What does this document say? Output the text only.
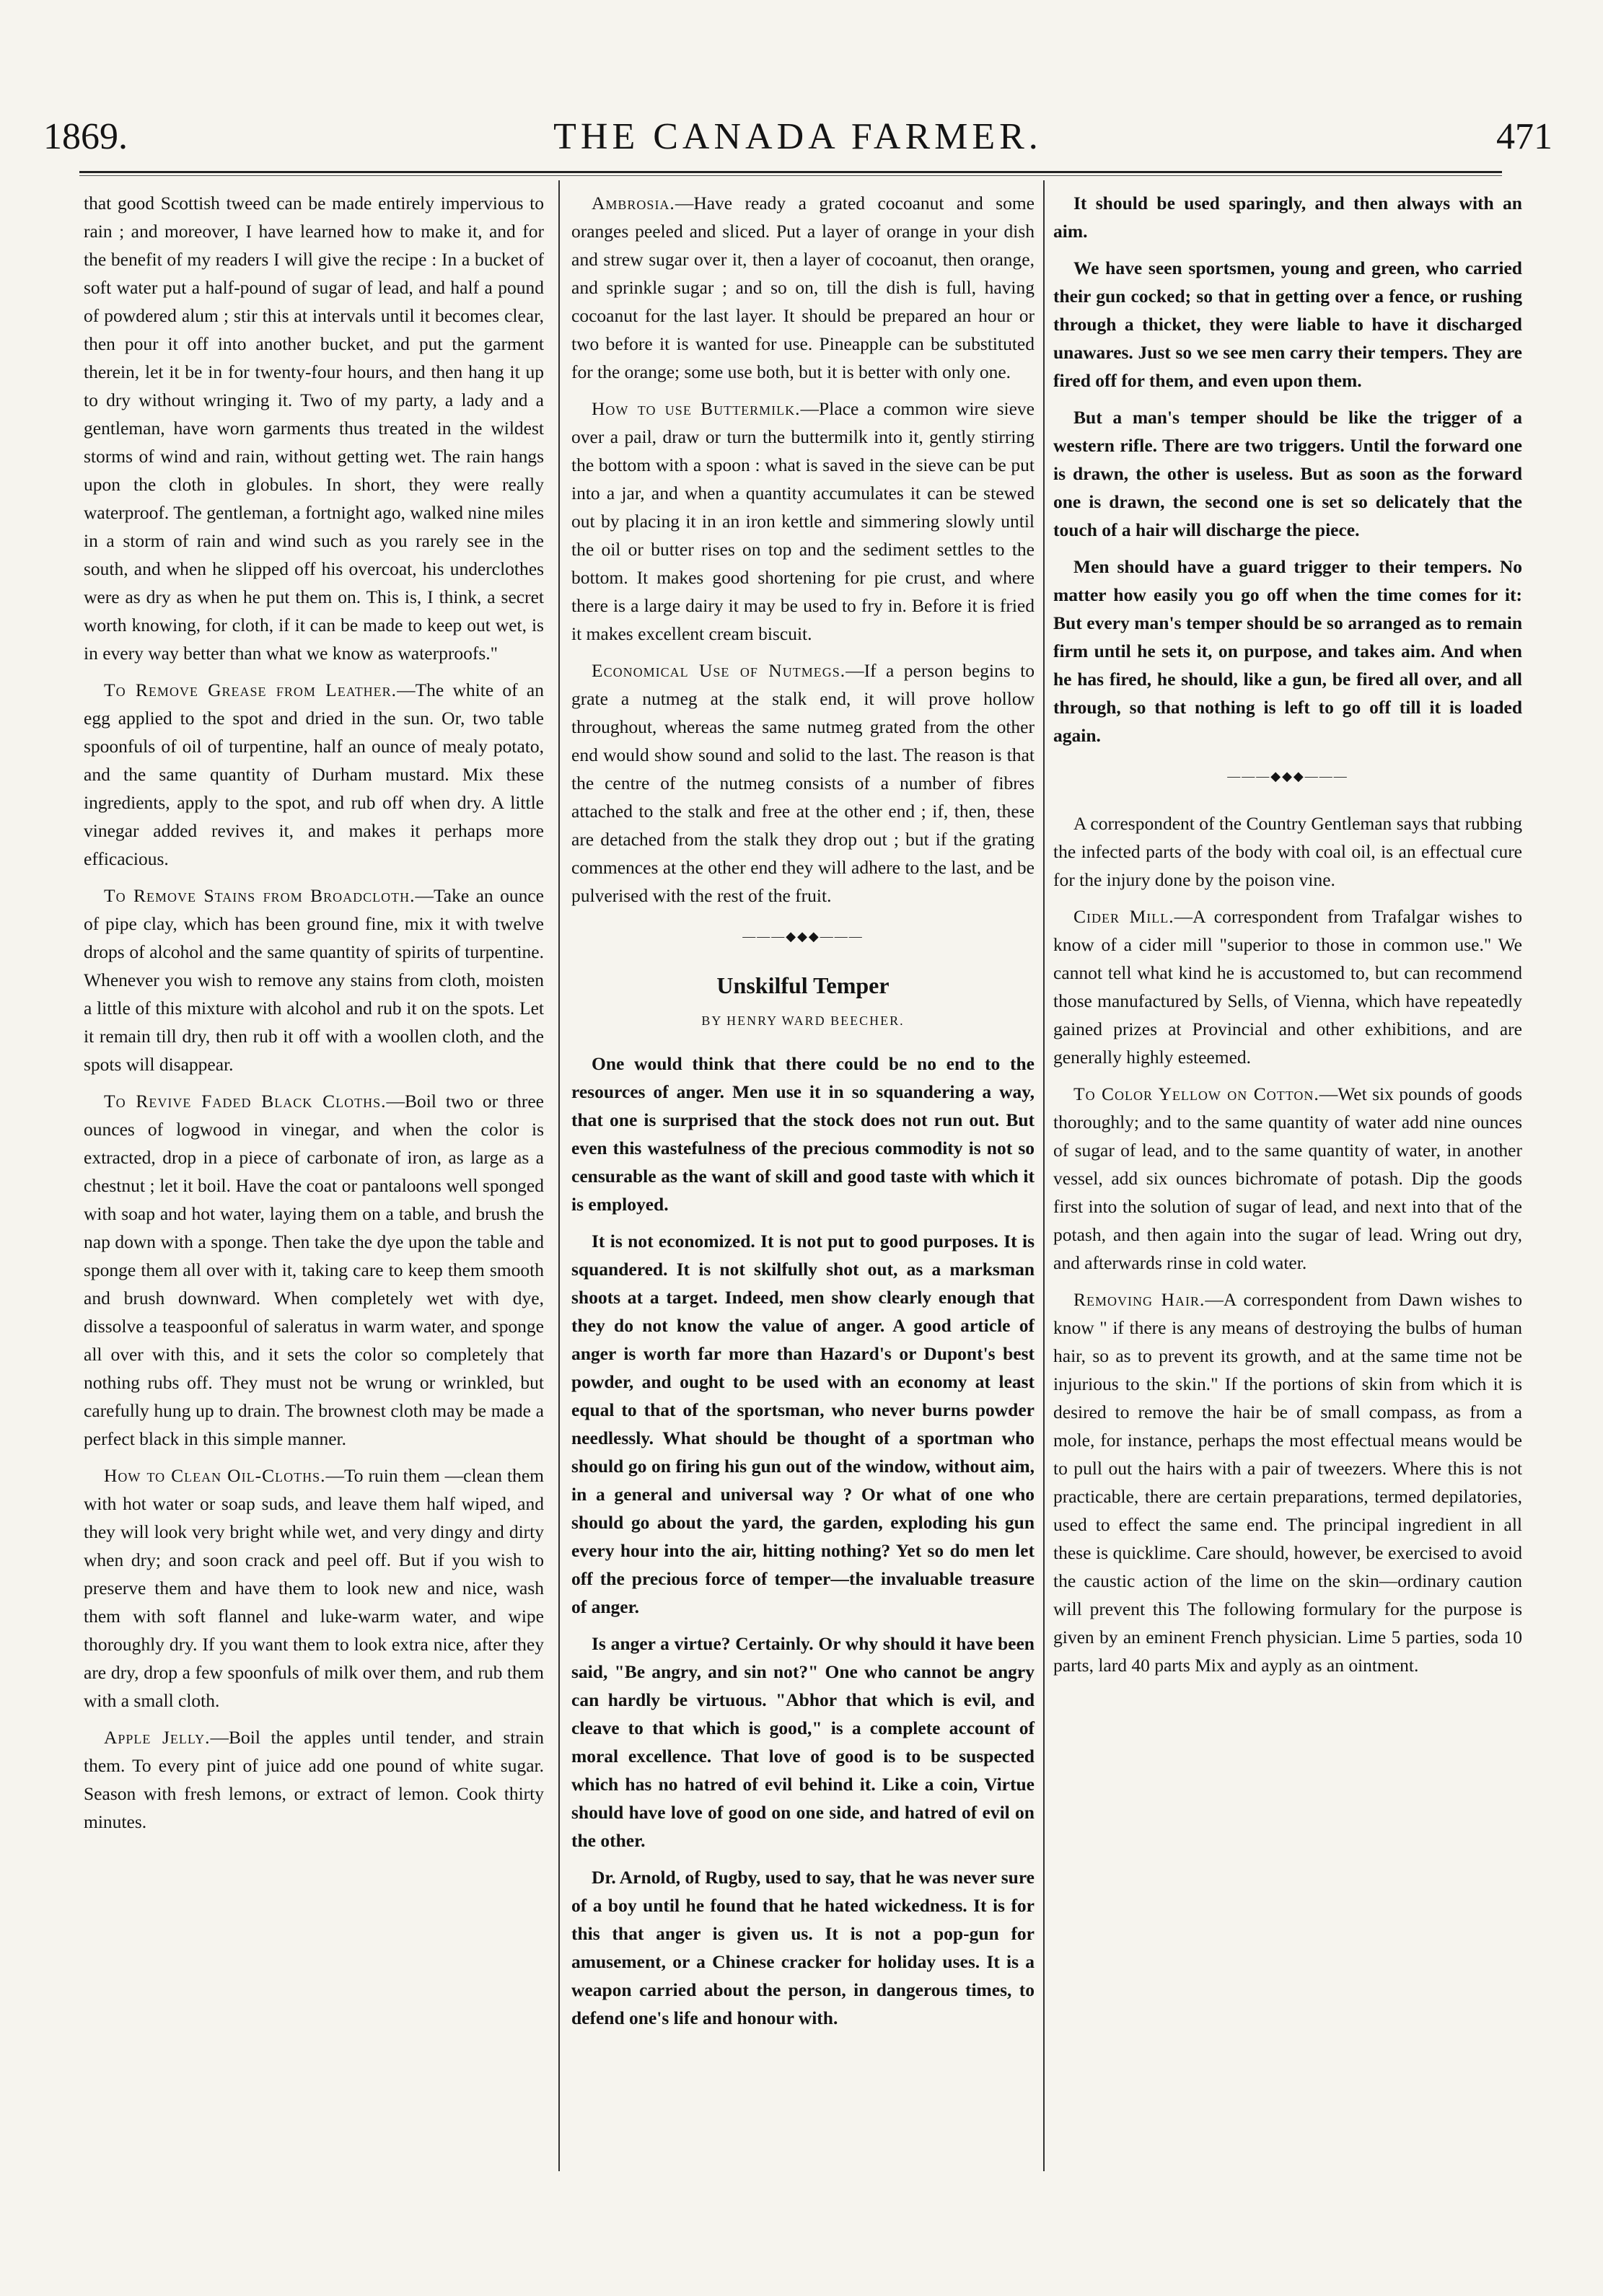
1869.	THE CANADA FARMER.	471

that good Scottish tweed can be made entirely impervious to rain ; and moreover, I have learned how to make it, and for the benefit of my readers I will give the recipe : In a bucket of soft water put a half-pound of sugar of lead, and half a pound of powdered alum ; stir this at intervals until it becomes clear, then pour it off into another bucket, and put the garment therein, let it be in for twenty-four hours, and then hang it up to dry without wringing it. Two of my party, a lady and a gentleman, have worn garments thus treated in the wildest storms of wind and rain, without getting wet. The rain hangs upon the cloth in globules. In short, they were really waterproof. The gentleman, a fortnight ago, walked nine miles in a storm of rain and wind such as you rarely see in the south, and when he slipped off his overcoat, his underclothes were as dry as when he put them on. This is, I think, a secret worth knowing, for cloth, if it can be made to keep out wet, is in every way better than what we know as waterproofs."

To Remove Grease from Leather.—The white of an egg applied to the spot and dried in the sun. Or, two table spoonfuls of oil of turpentine, half an ounce of mealy potato, and the same quantity of Durham mustard. Mix these ingredients, apply to the spot, and rub off when dry. A little vinegar added revives it, and makes it perhaps more efficacious.

To Remove Stains from Broadcloth.—Take an ounce of pipe clay, which has been ground fine, mix it with twelve drops of alcohol and the same quantity of spirits of turpentine. Whenever you wish to remove any stains from cloth, moisten a little of this mixture with alcohol and rub it on the spots. Let it remain till dry, then rub it off with a woollen cloth, and the spots will disappear.

To Revive Faded Black Cloths.—Boil two or three ounces of logwood in vinegar, and when the color is extracted, drop in a piece of carbonate of iron, as large as a chestnut ; let it boil. Have the coat or pantaloons well sponged with soap and hot water, laying them on a table, and brush the nap down with a sponge. Then take the dye upon the table and sponge them all over with it, taking care to keep them smooth and brush downward. When completely wet with dye, dissolve a teaspoonful of saleratus in warm water, and sponge all over with this, and it sets the color so completely that nothing rubs off. They must not be wrung or wrinkled, but carefully hung up to drain. The brownest cloth may be made a perfect black in this simple manner.

How to Clean Oil-Cloths.—To ruin them —clean them with hot water or soap suds, and leave them half wiped, and they will look very bright while wet, and very dingy and dirty when dry; and soon crack and peel off. But if you wish to preserve them and have them to look new and nice, wash them with soft flannel and luke-warm water, and wipe thoroughly dry. If you want them to look extra nice, after they are dry, drop a few spoonfuls of milk over them, and rub them with a small cloth.

Apple Jelly.—Boil the apples until tender, and strain them. To every pint of juice add one pound of white sugar. Season with fresh lemons, or extract of lemon. Cook thirty minutes.

Ambrosia.—Have ready a grated cocoanut and some oranges peeled and sliced. Put a layer of orange in your dish and strew sugar over it, then a layer of cocoanut, then orange, and sprinkle sugar ; and so on, till the dish is full, having cocoanut for the last layer. It should be prepared an hour or two before it is wanted for use. Pineapple can be substituted for the orange; some use both, but it is better with only one.

How to use Buttermilk.—Place a common wire sieve over a pail, draw or turn the buttermilk into it, gently stirring the bottom with a spoon : what is saved in the sieve can be put into a jar, and when a quantity accumulates it can be stewed out by placing it in an iron kettle and simmering slowly until the oil or butter rises on top and the sediment settles to the bottom. It makes good shortening for pie crust, and where there is a large dairy it may be used to fry in. Before it is fried it makes excellent cream biscuit.

Economical Use of Nutmegs.—If a person begins to grate a nutmeg at the stalk end, it will prove hollow throughout, whereas the same nutmeg grated from the other end would show sound and solid to the last. The reason is that the centre of the nutmeg consists of a number of fibres attached to the stalk and free at the other end ; if, then, these are detached from the stalk they drop out ; but if the grating commences at the other end they will adhere to the last, and be pulverised with the rest of the fruit.

———◆◆◆———
Unskilful Temper
BY HENRY WARD BEECHER.

One would think that there could be no end to the resources of anger. Men use it in so squandering a way, that one is surprised that the stock does not run out. But even this wastefulness of the precious commodity is not so censurable as the want of skill and good taste with which it is employed.

It is not economized. It is not put to good purposes. It is squandered. It is not skilfully shot out, as a marksman shoots at a target. Indeed, men show clearly enough that they do not know the value of anger. A good article of anger is worth far more than Hazard's or Dupont's best powder, and ought to be used with an economy at least equal to that of the sportsman, who never burns powder needlessly. What should be thought of a sportman who should go on firing his gun out of the window, without aim, in a general and universal way ? Or what of one who should go about the yard, the garden, exploding his gun every hour into the air, hitting nothing? Yet so do men let off the precious force of temper—the invaluable treasure of anger.

Is anger a virtue? Certainly. Or why should it have been said, "Be angry, and sin not?" One who cannot be angry can hardly be virtuous. "Abhor that which is evil, and cleave to that which is good," is a complete account of moral excellence. That love of good is to be suspected which has no hatred of evil behind it. Like a coin, Virtue should have love of good on one side, and hatred of evil on the other.

Dr. Arnold, of Rugby, used to say, that he was never sure of a boy until he found that he hated wickedness. It is for this that anger is given us. It is not a pop-gun for amusement, or a Chinese cracker for holiday uses. It is a weapon carried about the person, in dangerous times, to defend one's life and honour with.

It should be used sparingly, and then always with an aim.

We have seen sportsmen, young and green, who carried their gun cocked; so that in getting over a fence, or rushing through a thicket, they were liable to have it discharged unawares. Just so we see men carry their tempers. They are fired off for them, and even upon them.

But a man's temper should be like the trigger of a western rifle. There are two triggers. Until the forward one is drawn, the other is useless. But as soon as the forward one is drawn, the second one is set so delicately that the touch of a hair will discharge the piece.

Men should have a guard trigger to their tempers. No matter how easily you go off when the time comes for it: But every man's temper should be so arranged as to remain firm until he sets it, on purpose, and takes aim. And when he has fired, he should, like a gun, be fired all over, and all through, so that nothing is left to go off till it is loaded again.

———◆◆◆———

A correspondent of the Country Gentleman says that rubbing the infected parts of the body with coal oil, is an effectual cure for the injury done by the poison vine.

Cider Mill.—A correspondent from Trafalgar wishes to know of a cider mill "superior to those in common use." We cannot tell what kind he is accustomed to, but can recommend those manufactured by Sells, of Vienna, which have repeatedly gained prizes at Provincial and other exhibitions, and are generally highly esteemed.

To Color Yellow on Cotton.—Wet six pounds of goods thoroughly; and to the same quantity of water add nine ounces of sugar of lead, and to the same quantity of water, in another vessel, add six ounces bichromate of potash. Dip the goods first into the solution of sugar of lead, and next into that of the potash, and then again into the sugar of lead. Wring out dry, and afterwards rinse in cold water.

Removing Hair.—A correspondent from Dawn wishes to know " if there is any means of destroying the bulbs of human hair, so as to prevent its growth, and at the same time not be injurious to the skin." If the portions of skin from which it is desired to remove the hair be of small compass, as from a mole, for instance, perhaps the most effectual means would be to pull out the hairs with a pair of tweezers. Where this is not practicable, there are certain preparations, termed depilatories, used to effect the same end. The principal ingredient in all these is quicklime. Care should, however, be exercised to avoid the caustic action of the lime on the skin—ordinary caution will prevent this The following formulary for the purpose is given by an eminent French physician. Lime 5 parties, soda 10 parts, lard 40 parts Mix and ayply as an ointment.
